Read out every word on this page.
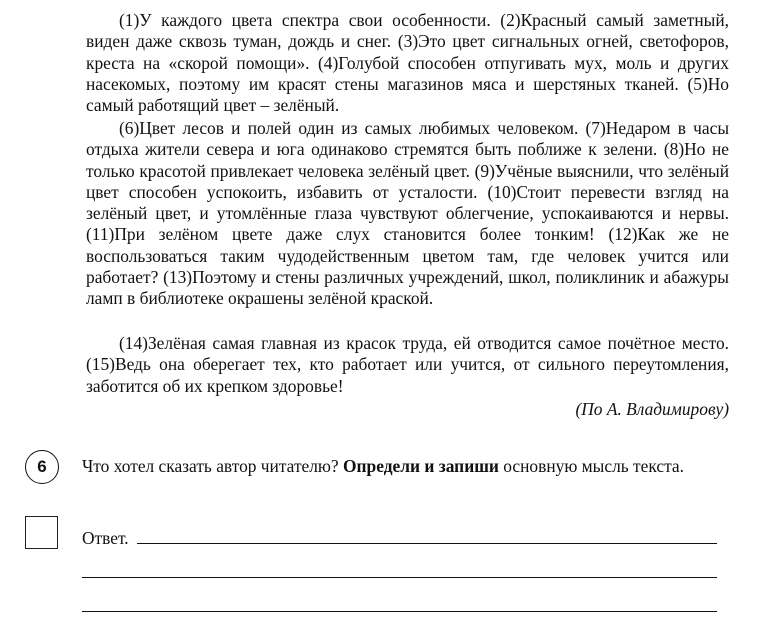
(1)У каждого цвета спектра свои особенности. (2)Красный самый заметный, виден даже сквозь туман, дождь и снег. (3)Это цвет сигнальных огней, светофоров, креста на «скорой помощи». (4)Голубой способен отпугивать мух, моль и других насекомых, поэтому им красят стены магазинов мяса и шерстяных тканей. (5)Но самый работящий цвет – зелёный.

(6)Цвет лесов и полей один из самых любимых человеком. (7)Недаром в часы отдыха жители севера и юга одинаково стремятся быть поближе к зелени. (8)Но не только красотой привлекает человека зелёный цвет. (9)Учёные выяснили, что зелёный цвет способен успокоить, избавить от усталости. (10)Стоит перевести взгляд на зелёный цвет, и утомлённые глаза чувствуют облегчение, успокаиваются и нервы. (11)При зелёном цвете даже слух становится более тонким! (12)Как же не воспользоваться таким чудодейственным цветом там, где человек учится или работает? (13)Поэтому и стены различных учреждений, школ, поликлиник и абажуры ламп в библиотеке окрашены зелёной краской.

(14)Зелёная самая главная из красок труда, ей отводится самое почётное место. (15)Ведь она оберегает тех, кто работает или учится, от сильного переутомления, заботится об их крепком здоровье!

(По А. Владимирову)
6 Что хотел сказать автор читателю? Определи и запиши основную мысль текста.
Ответ.
